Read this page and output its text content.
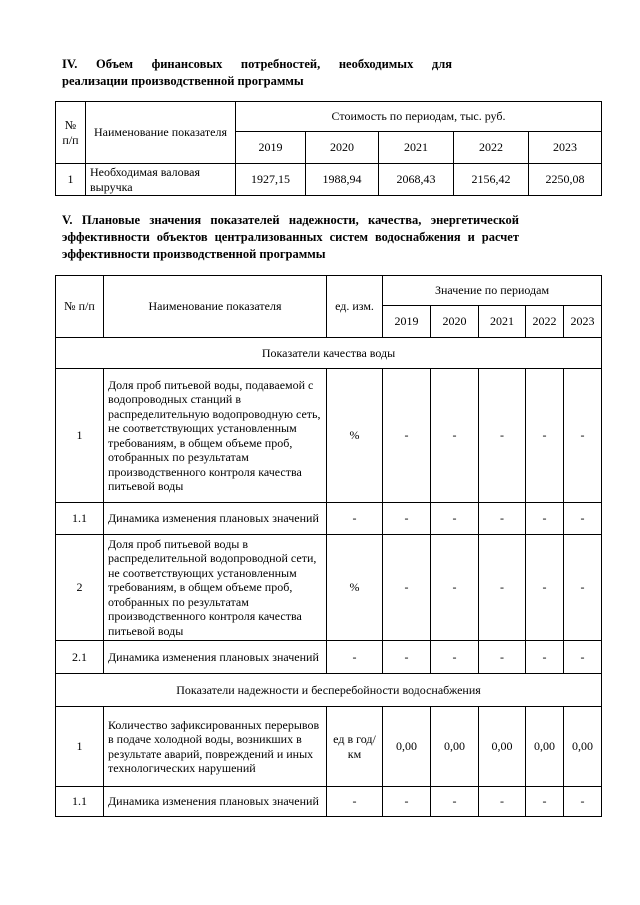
IV. Объем финансовых потребностей, необходимых для
реализации производственной программы
№ п/п	Наименование показателя	Стоимость по периодам, тыс. руб.				
		2019	2020	2021	2022	2023
1	Необходимая валовая выручка	1927,15	1988,94	2068,43	2156,42	2250,08
V. Плановые значения показателей надежности, качества, энергетической
эффективности объектов централизованных систем водоснабжения и расчет
эффективности производственной программы
№ п/п	Наименование показателя	ед. изм.	Значение по периодам				
			2019	2020	2021	2022	2023
Показатели качества воды							
1	Доля проб питьевой воды, подаваемой с водопроводных станций в распределительную водопроводную сеть, не соответствующих установленным требованиям, в общем объеме проб, отобранных по результатам производственного контроля качества питьевой воды	%	-	-	-	-	-
1.1	Динамика изменения плановых значений	-	-	-	-	-	-
2	Доля проб питьевой воды в распределительной водопроводной сети, не соответствующих установленным требованиям, в общем объеме проб, отобранных по результатам производственного контроля качества питьевой воды	%	-	-	-	-	-
2.1	Динамика изменения плановых значений	-	-	-	-	-	-
Показатели надежности и бесперебойности водоснабжения							
1	Количество зафиксированных перерывов в подаче холодной воды, возникших в результате аварий, повреждений и иных технологических нарушений	ед в год/ км	0,00	0,00	0,00	0,00	0,00
1.1	Динамика изменения плановых значений	-	-	-	-	-	-
